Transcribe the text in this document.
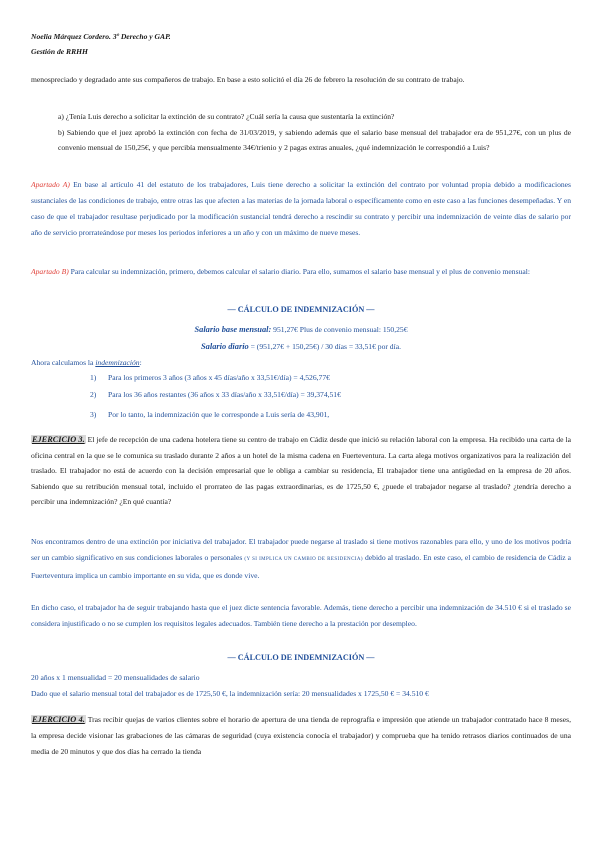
Noelia Márquez Cordero. 3º Derecho y GAP.
Gestión de RRHH
menospreciado y degradado ante sus compañeros de trabajo. En base a esto solicitó el día 26 de febrero la resolución de su contrato de trabajo.
a) ¿Tenía Luis derecho a solicitar la extinción de su contrato? ¿Cuál sería la causa que sustentaría la extinción?
b) Sabiendo que el juez aprobó la extinción con fecha de 31/03/2019, y sabiendo además que el salario base mensual del trabajador era de 951,27€, con un plus de convenio mensual de 150,25€, y que percibía mensualmente 34€/trienio y 2 pagas extras anuales, ¿qué indemnización le correspondió a Luis?
Apartado A) En base al artículo 41 del estatuto de los trabajadores, Luis tiene derecho a solicitar la extinción del contrato por voluntad propia debido a modificaciones sustanciales de las condiciones de trabajo, entre otras las que afecten a las materias de la jornada laboral o específicamente como en este caso a las funciones desempeñadas. Y en caso de que el trabajador resultase perjudicado por la modificación sustancial tendrá derecho a rescindir su contrato y percibir una indemnización de veinte días de salario por año de servicio prorrateándose por meses los periodos inferiores a un año y con un máximo de nueve meses.
Apartado B) Para calcular su indemnización, primero, debemos calcular el salario diario. Para ello, sumamos el salario base mensual y el plus de convenio mensual:
— CÁLCULO DE INDEMNIZACIÓN —
Salario base mensual: 951,27€ Plus de convenio mensual: 150,25€
Salario diario = (951,27€ + 150,25€) / 30 días = 33,51€ por día.
Ahora calculamos la indemnización:
1) Para los primeros 3 años (3 años x 45 días/año x 33,51€/día) = 4,526,77€
2) Para los 36 años restantes (36 años x 33 días/año x 33,51€/día) = 39,374,51€
3) Por lo tanto, la indemnización que le corresponde a Luis sería de 43,901,
EJERCICIO 3. El jefe de recepción de una cadena hotelera tiene su centro de trabajo en Cádiz desde que inició su relación laboral con la empresa. Ha recibido una carta de la oficina central en la que se le comunica su traslado durante 2 años a un hotel de la misma cadena en Fuerteventura. La carta alega motivos organizativos para la realización del traslado. El trabajador no está de acuerdo con la decisión empresarial que le obliga a cambiar su residencia, El trabajador tiene una antigüedad en la empresa de 20 años. Sabiendo que su retribución mensual total, incluido el prorrateo de las pagas extraordinarias, es de 1725,50 €, ¿puede el trabajador negarse al traslado? ¿tendría derecho a percibir una indemnización? ¿En qué cuantía?
Nos encontramos dentro de una extinción por iniciativa del trabajador. El trabajador puede negarse al traslado si tiene motivos razonables para ello, y uno de los motivos podría ser un cambio significativo en sus condiciones laborales o personales (Y SI IMPLICA UN CAMBIO DE RESIDENCIA) debido al traslado. En este caso, el cambio de residencia de Cádiz a Fuerteventura implica un cambio importante en su vida, que es donde vive.
En dicho caso, el trabajador ha de seguir trabajando hasta que el juez dicte sentencia favorable. Además, tiene derecho a percibir una indemnización de 34.510 € si el traslado se considera injustificado o no se cumplen los requisitos legales adecuados. También tiene derecho a la prestación por desempleo.
— CÁLCULO DE INDEMNIZACIÓN —
20 años x 1 mensualidad = 20 mensualidades de salario
Dado que el salario mensual total del trabajador es de 1725,50 €, la indemnización sería: 20 mensualidades x 1725,50 € = 34.510 €
EJERCICIO 4. Tras recibir quejas de varios clientes sobre el horario de apertura de una tienda de reprografía e impresión que atiende un trabajador contratado hace 8 meses, la empresa decide visionar las grabaciones de las cámaras de seguridad (cuya existencia conocía el trabajador) y comprueba que ha tenido retrasos diarios continuados de una media de 20 minutos y que dos días ha cerrado la tienda
